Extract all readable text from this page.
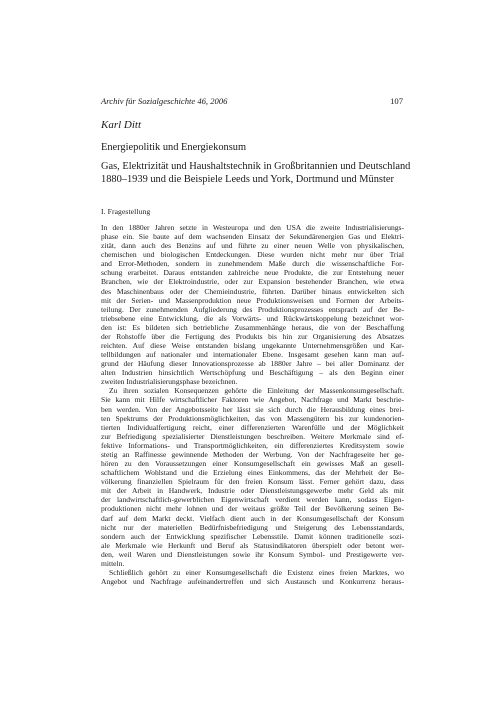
Archiv für Sozialgeschichte 46, 2006	107
Karl Ditt
Energiepolitik und Energiekonsum
Gas, Elektrizität und Haushaltstechnik in Großbritannien und Deutschland
1880–1939 und die Beispiele Leeds und York, Dortmund und Münster
I. Fragestellung
In den 1880er Jahren setzte in Westeuropa und den USA die zweite Industrialisierungs-
phase ein. Sie baute auf dem wachsenden Einsatz der Sekundärenergien Gas und Elektri-
zität, dann auch des Benzins auf und führte zu einer neuen Welle von physikalischen,
chemischen und biologischen Entdeckungen. Diese wurden nicht mehr nur über Trial
and Error-Methoden, sondern in zunehmendem Maße durch die wissenschaftliche For-
schung erarbeitet. Daraus entstanden zahlreiche neue Produkte, die zur Entstehung neuer
Branchen, wie der Elektroindustrie, oder zur Expansion bestehender Branchen, wie etwa
des Maschinenbaus oder der Chemieindustrie, führten. Darüber hinaus entwickelten sich
mit der Serien- und Massenproduktion neue Produktionsweisen und Formen der Arbeits-
teilung. Der zunehmenden Aufgliederung des Produktionsprozesses entsprach auf der Be-
triebsebene eine Entwicklung, die als Vorwärts- und Rückwärtskoppelung bezeichnet wor-
den ist: Es bildeten sich betriebliche Zusammenhänge heraus, die von der Beschaffung
der Rohstoffe über die Fertigung des Produkts bis hin zur Organisierung des Absatzes
reichten. Auf diese Weise entstanden bislang ungekannte Unternehmensgrößen und Kar-
tellbildungen auf nationaler und internationaler Ebene. Insgesamt gesehen kann man auf-
grund der Häufung dieser Innovationsprozesse ab 1880er Jahre – bei aller Dominanz der
alten Industrien hinsichtlich Wertschöpfung und Beschäftigung – als den Beginn einer
zweiten Industrialisierungsphase bezeichnen.
Zu ihren sozialen Konsequenzen gehörte die Einleitung der Massenkonsumgesellschaft.
Sie kann mit Hilfe wirtschaftlicher Faktoren wie Angebot, Nachfrage und Markt beschrie-
ben werden. Von der Angebotsseite her lässt sie sich durch die Herausbildung eines brei-
ten Spektrums der Produktionsmöglichkeiten, das von Massengütern bis zur kundenorien-
tierten Individualfertigung reicht, einer differenzierten Warenfülle und der Möglichkeit
zur Befriedigung spezialisierter Dienstleistungen beschreiben. Weitere Merkmale sind ef-
fektive Informations- und Transportmöglichkeiten, ein differenziertes Kreditsystem sowie
stetig an Raffinesse gewinnende Methoden der Werbung. Von der Nachfrageseite her ge-
hören zu den Voraussetzungen einer Konsumgesellschaft ein gewisses Maß an gesell-
schaftlichem Wohlstand und die Erzielung eines Einkommens, das der Mehrheit der Be-
völkerung finanziellen Spielraum für den freien Konsum lässt. Ferner gehört dazu, dass
mit der Arbeit in Handwerk, Industrie oder Dienstleistungsgewerbe mehr Geld als mit
der landwirtschaftlich-gewerblichen Eigenwirtschaft verdient werden kann, sodass Eigen-
produktionen nicht mehr lohnen und der weitaus größte Teil der Bevölkerung seinen Be-
darf auf dem Markt deckt. Vielfach dient auch in der Konsumgesellschaft der Konsum
nicht nur der materiellen Bedürfnisbefriedigung und Steigerung des Lebensstandards,
sondern auch der Entwicklung spezifischer Lebensstile. Damit können traditionelle sozi-
ale Merkmale wie Herkunft und Beruf als Statusindikatoren überspielt oder betont wer-
den, weil Waren und Dienstleistungen sowie ihr Konsum Symbol- und Prestigewerte ver-
mitteln.
Schließlich gehört zu einer Konsumgesellschaft die Existenz eines freien Marktes, wo
Angebot und Nachfrage aufeinandertreffen und sich Austausch und Konkurrenz heraus-
